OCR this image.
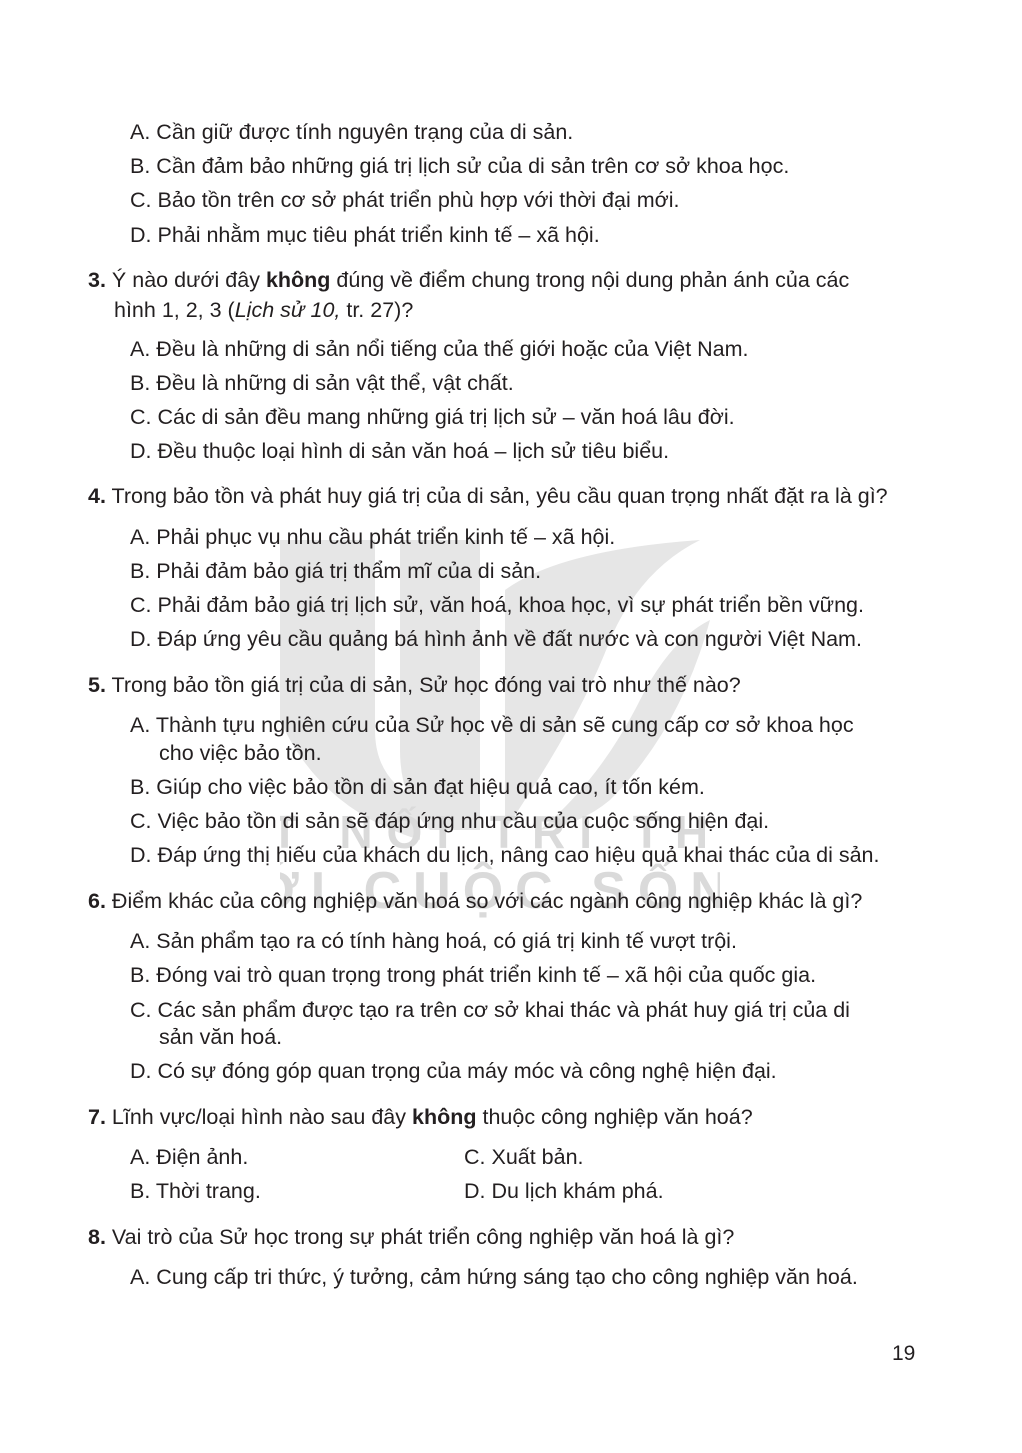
T NỐI TRI TH
I CUỘC SỐ
A. Cần giữ được tính nguyên trạng của di sản.
B. Cần đảm bảo những giá trị lịch sử của di sản trên cơ sở khoa học.
C. Bảo tồn trên cơ sở phát triển phù hợp với thời đại mới.
D. Phải nhằm mục tiêu phát triển kinh tế – xã hội.
3. Ý nào dưới đây không đúng về điểm chung trong nội dung phản ánh của các
hình 1, 2, 3 (Lịch sử 10, tr. 27)?
A. Đều là những di sản nổi tiếng của thế giới hoặc của Việt Nam.
B. Đều là những di sản vật thể, vật chất.
C. Các di sản đều mang những giá trị lịch sử – văn hoá lâu đời.
D. Đều thuộc loại hình di sản văn hoá – lịch sử tiêu biểu.
4. Trong bảo tồn và phát huy giá trị của di sản, yêu cầu quan trọng nhất đặt ra là gì?
A. Phải phục vụ nhu cầu phát triển kinh tế – xã hội.
B. Phải đảm bảo giá trị thẩm mĩ của di sản.
C. Phải đảm bảo giá trị lịch sử, văn hoá, khoa học, vì sự phát triển bền vững.
D. Đáp ứng yêu cầu quảng bá hình ảnh về đất nước và con người Việt Nam.
5. Trong bảo tồn giá trị của di sản, Sử học đóng vai trò như thế nào?
A. Thành tựu nghiên cứu của Sử học về di sản sẽ cung cấp cơ sở khoa học
cho việc bảo tồn.
B. Giúp cho việc bảo tồn di sản đạt hiệu quả cao, ít tốn kém.
C. Việc bảo tồn di sản sẽ đáp ứng nhu cầu của cuộc sống hiện đại.
D. Đáp ứng thị hiếu của khách du lịch, nâng cao hiệu quả khai thác của di sản.
6. Điểm khác của công nghiệp văn hoá so với các ngành công nghiệp khác là gì?
A. Sản phẩm tạo ra có tính hàng hoá, có giá trị kinh tế vượt trội.
B. Đóng vai trò quan trọng trong phát triển kinh tế – xã hội của quốc gia.
C. Các sản phẩm được tạo ra trên cơ sở khai thác và phát huy giá trị của di
sản văn hoá.
D. Có sự đóng góp quan trọng của máy móc và công nghệ hiện đại.
7. Lĩnh vực/loại hình nào sau đây không thuộc công nghiệp văn hoá?
A. Điện ảnh.	C. Xuất bản.
B. Thời trang.	D. Du lịch khám phá.
8. Vai trò của Sử học trong sự phát triển công nghiệp văn hoá là gì?
A. Cung cấp tri thức, ý tưởng, cảm hứng sáng tạo cho công nghiệp văn hoá.
19
